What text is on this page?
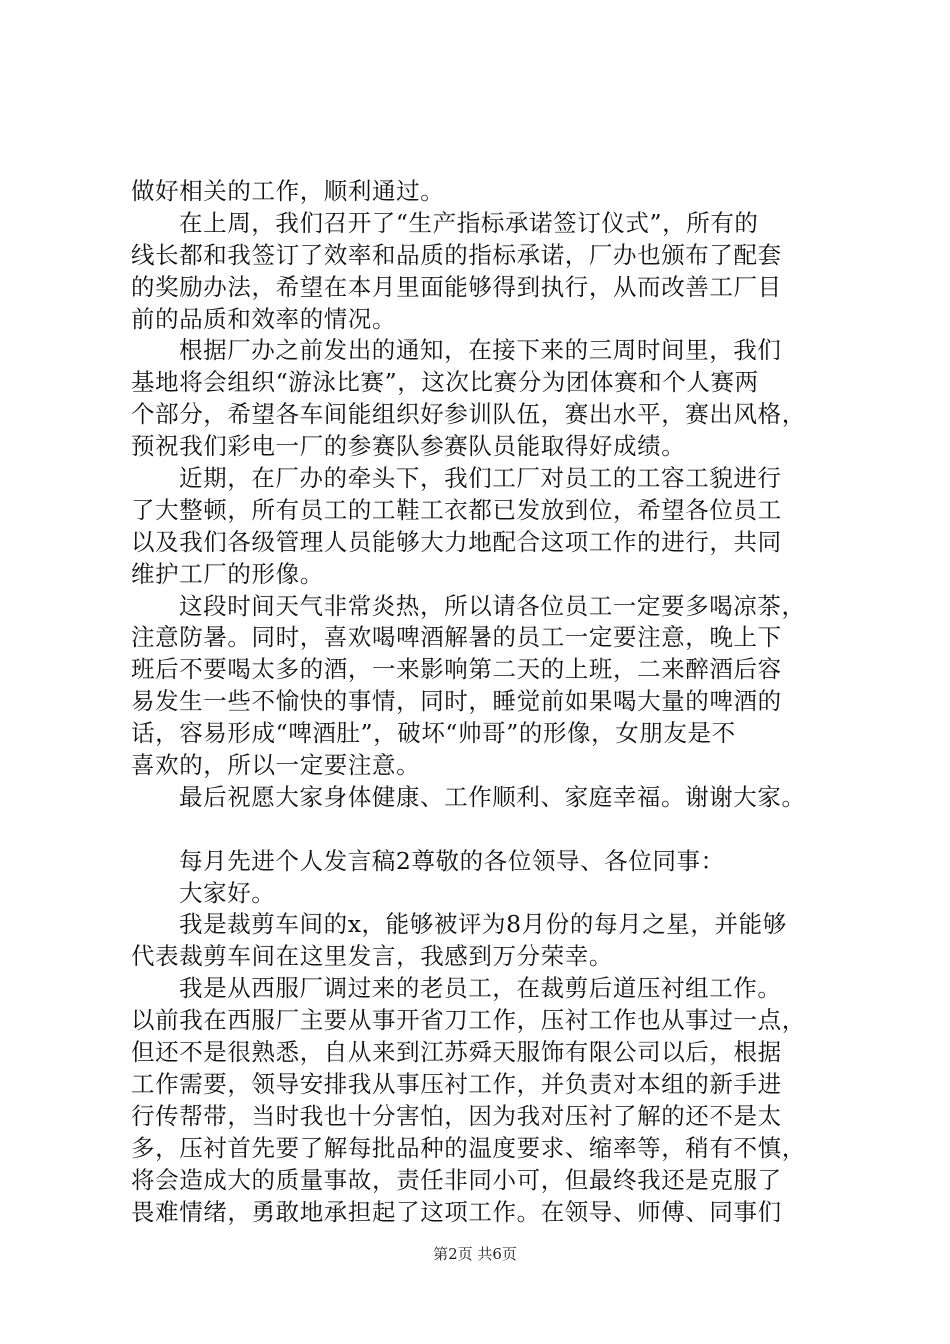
做好相关的工作，顺利通过。
在上周，我们召开了“生产指标承诺签订仪式”，所有的
线长都和我签订了效率和品质的指标承诺，厂办也颁布了配套
的奖励办法，希望在本月里面能够得到执行，从而改善工厂目
前的品质和效率的情况。
根据厂办之前发出的通知，在接下来的三周时间里，我们
基地将会组织“游泳比赛”，这次比赛分为团体赛和个人赛两
个部分，希望各车间能组织好参训队伍，赛出水平，赛出风格，
预祝我们彩电一厂的参赛队参赛队员能取得好成绩。
近期，在厂办的牵头下，我们工厂对员工的工容工貌进行
了大整顿，所有员工的工鞋工衣都已发放到位，希望各位员工
以及我们各级管理人员能够大力地配合这项工作的进行，共同
维护工厂的形像。
这段时间天气非常炎热，所以请各位员工一定要多喝凉茶，
注意防暑。同时，喜欢喝啤酒解暑的员工一定要注意，晚上下
班后不要喝太多的酒，一来影响第二天的上班，二来醉酒后容
易发生一些不愉快的事情，同时，睡觉前如果喝大量的啤酒的
话，容易形成“啤酒肚”，破坏“帅哥”的形像，女朋友是不
喜欢的，所以一定要注意。
最后祝愿大家身体健康、工作顺利、家庭幸福。谢谢大家。
每月先进个人发言稿2尊敬的各位领导、各位同事：
大家好。
我是裁剪车间的x，能够被评为8月份的每月之星，并能够
代表裁剪车间在这里发言，我感到万分荣幸。
我是从西服厂调过来的老员工，在裁剪后道压衬组工作。
以前我在西服厂主要从事开省刀工作，压衬工作也从事过一点，
但还不是很熟悉，自从来到江苏舜天服饰有限公司以后，根据
工作需要，领导安排我从事压衬工作，并负责对本组的新手进
行传帮带，当时我也十分害怕，因为我对压衬了解的还不是太
多，压衬首先要了解每批品种的温度要求、缩率等，稍有不慎，
将会造成大的质量事故，责任非同小可，但最终我还是克服了
畏难情绪，勇敢地承担起了这项工作。在领导、师傅、同事们
第2页 共6页
